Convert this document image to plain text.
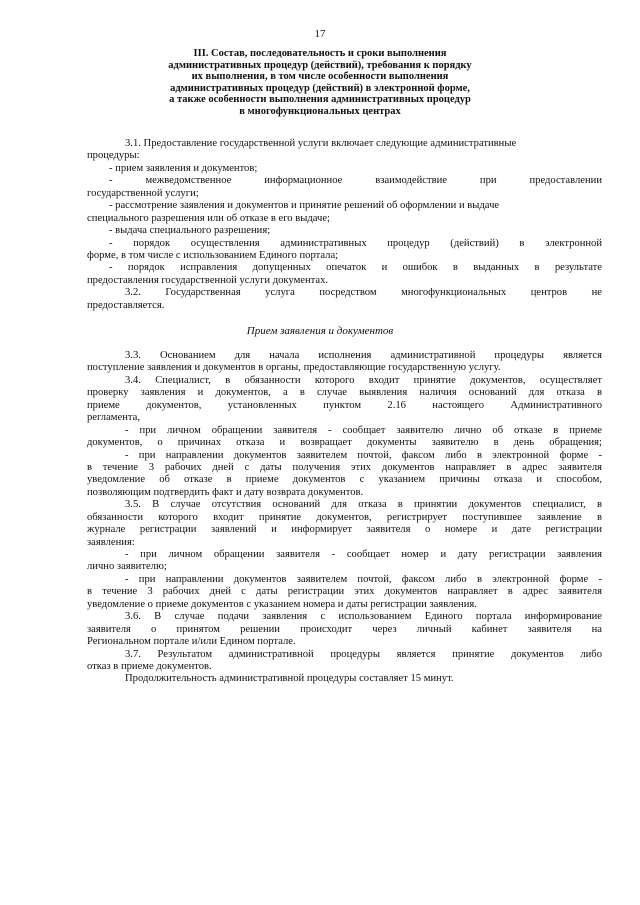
17
III. Состав, последовательность и сроки выполнения
административных процедур (действий), требования к порядку
их выполнения, в том числе особенности выполнения
административных процедур (действий) в электронной форме,
а также особенности выполнения административных процедур
в многофункциональных центрах
3.1. Предоставление государственной услуги включает следующие административные
процедуры:
- прием заявления и документов;
- межведомственное информационное взаимодействие при предоставлении
государственной услуги;
- рассмотрение заявления и документов и принятие решений об оформлении и выдаче
специального разрешения или об отказе в его выдаче;
- выдача специального разрешения;
- порядок осуществления административных процедур (действий) в электронной
форме, в том числе с использованием Единого портала;
- порядок исправления допущенных опечаток и ошибок в выданных в результате
предоставления государственной услуги документах.
3.2. Государственная услуга посредством многофункциональных центров не
предоставляется.
Прием заявления и документов
3.3. Основанием для начала исполнения административной процедуры является
поступление заявления и документов в органы, предоставляющие государственную услугу.
3.4. Специалист, в обязанности которого входит принятие документов, осуществляет
проверку заявления и документов, а в случае выявления наличия оснований для отказа в
приеме документов, установленных пунктом 2.16 настоящего Административного
регламента,
- при личном обращении заявителя - сообщает заявителю лично об отказе в приеме
документов, о причинах отказа и возвращает документы заявителю в день обращения;
- при направлении документов заявителем почтой, факсом либо в электронной форме -
в течение 3 рабочих дней с даты получения этих документов направляет в адрес заявителя
уведомление об отказе в приеме документов с указанием причины отказа и способом,
позволяющим подтвердить факт и дату возврата документов.
3.5. В случае отсутствия оснований для отказа в принятии документов специалист, в
обязанности которого входит принятие документов, регистрирует поступившее заявление в
журнале регистрации заявлений и информирует заявителя о номере и дате регистрации
заявления:
- при личном обращении заявителя - сообщает номер и дату регистрации заявления
лично заявителю;
- при направлении документов заявителем почтой, факсом либо в электронной форме -
в течение 3 рабочих дней с даты регистрации этих документов направляет в адрес заявителя
уведомление о приеме документов с указанием номера и даты регистрации заявления.
3.6. В случае подачи заявления с использованием Единого портала информирование
заявителя о принятом решении происходит через личный кабинет заявителя на
Региональном портале и/или Едином портале.
3.7. Результатом административной процедуры является принятие документов либо
отказ в приеме документов.
Продолжительность административной процедуры составляет 15 минут.
